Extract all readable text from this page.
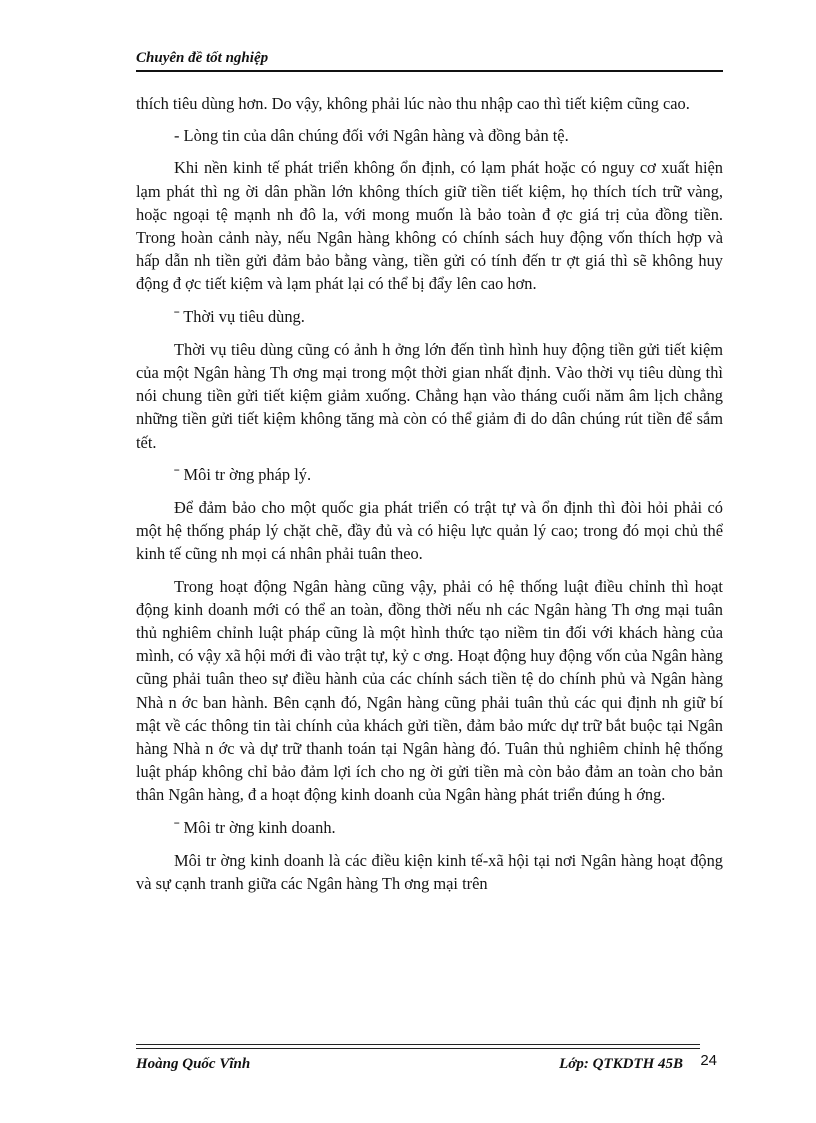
Chuyên đề tốt nghiệp

thích tiêu dùng hơn. Do vậy, không phải lúc nào thu nhập cao thì tiết kiệm cũng cao.

- Lòng tin của dân chúng đối với Ngân hàng và đồng bản tệ.

Khi nền kinh tế phát triển không ổn định, có lạm phát hoặc có nguy cơ xuất hiện lạm phát thì ng ời dân phần lớn không thích giữ tiền tiết kiệm, họ thích tích trữ vàng, hoặc ngoại tệ mạnh nh đô la, với mong muốn là bảo toàn đ ợc giá trị của đồng tiền. Trong hoàn cảnh này, nếu Ngân hàng không có chính sách huy động vốn thích hợp và hấp dẫn nh tiền gửi đảm bảo bằng vàng, tiền gửi có tính đến tr ợt giá thì sẽ không huy động đ ợc tiết kiệm và lạm phát lại có thể bị đẩy lên cao hơn.

ˉ Thời vụ tiêu dùng.

Thời vụ tiêu dùng cũng có ảnh h ởng lớn đến tình hình huy động tiền gửi tiết kiệm của một Ngân hàng Th ơng mại trong một thời gian nhất định. Vào thời vụ tiêu dùng thì nói chung tiền gửi tiết kiệm giảm xuống. Chẳng hạn vào tháng cuối năm âm lịch chẳng những tiền gửi tiết kiệm không tăng mà còn có thể giảm đi do dân chúng rút tiền để sắm tết.

ˉ Môi tr ờng pháp lý.

Để đảm bảo cho một quốc gia phát triển có trật tự và ổn định thì đòi hỏi phải có một hệ thống pháp lý chặt chẽ, đầy đủ và có hiệu lực quản lý cao; trong đó mọi chủ thể kinh tế cũng nh mọi cá nhân phải tuân theo.

Trong hoạt động Ngân hàng cũng vậy, phải có hệ thống luật điều chỉnh thì hoạt động kinh doanh mới có thể an toàn, đồng thời nếu nh các Ngân hàng Th ơng mại tuân thủ nghiêm chỉnh luật pháp cũng là một hình thức tạo niềm tin đối với khách hàng của mình, có vậy xã hội mới đi vào trật tự, kỷ c ơng. Hoạt động huy động vốn của Ngân hàng cũng phải tuân theo sự điều hành của các chính sách tiền tệ do chính phủ và Ngân hàng Nhà n ớc ban hành. Bên cạnh đó, Ngân hàng cũng phải tuân thủ các qui định nh giữ bí mật về các thông tin tài chính của khách gửi tiền, đảm bảo mức dự trữ bắt buộc tại Ngân hàng Nhà n ớc và dự trữ thanh toán tại Ngân hàng đó. Tuân thủ nghiêm chỉnh hệ thống luật pháp không chỉ bảo đảm lợi ích cho ng ời gửi tiền mà còn bảo đảm an toàn cho bản thân Ngân hàng, đ a hoạt động kinh doanh của Ngân hàng phát triển đúng h ớng.

ˉ Môi tr ờng kinh doanh.

Môi tr ờng kinh doanh là các điều kiện kinh tế-xã hội tại nơi Ngân hàng hoạt động và sự cạnh tranh giữa các Ngân hàng Th ơng mại trên

Hoàng Quốc Vĩnh	Lớp: QTKDTH 45B 24
